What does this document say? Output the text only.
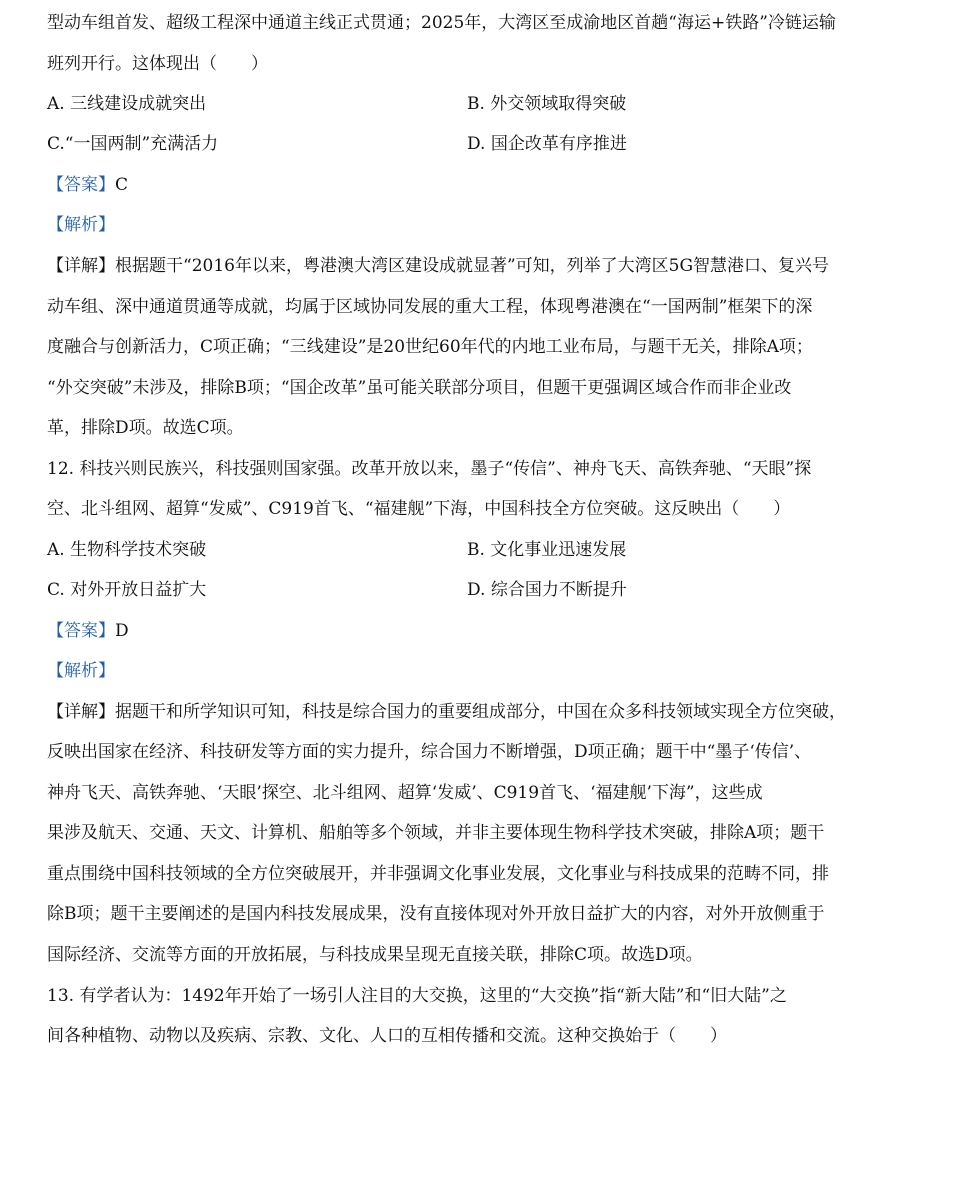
型动车组首发、超级工程深中通道主线正式贯通；2025年，大湾区至成渝地区首趟“海运+铁路”冷链运输
班列开行。这体现出（　　）
A. 三线建设成就突出	B. 外交领域取得突破
C.“一国两制”充满活力	D. 国企改革有序推进
【答案】C
【解析】
【详解】根据题干“2016年以来，粤港澳大湾区建设成就显著”可知，列举了大湾区5G智慧港口、复兴号
动车组、深中通道贯通等成就，均属于区域协同发展的重大工程，体现粤港澳在“一国两制”框架下的深
度融合与创新活力，C项正确；“三线建设”是20世纪60年代的内地工业布局，与题干无关，排除A项；
“外交突破”未涉及，排除B项；“国企改革”虽可能关联部分项目，但题干更强调区域合作而非企业改
革，排除D项。故选C项。
12. 科技兴则民族兴，科技强则国家强。改革开放以来，墨子“传信”、神舟飞天、高铁奔驰、“天眼”探
空、北斗组网、超算“发威”、C919首飞、“福建舰”下海，中国科技全方位突破。这反映出（　　）
A. 生物科学技术突破	B. 文化事业迅速发展
C. 对外开放日益扩大	D. 综合国力不断提升
【答案】D
【解析】
【详解】据题干和所学知识可知，科技是综合国力的重要组成部分，中国在众多科技领域实现全方位突破，
反映出国家在经济、科技研发等方面的实力提升，综合国力不断增强，D项正确；题干中“墨子‘传信’、
神舟飞天、高铁奔驰、‘天眼’探空、北斗组网、超算‘发威’、C919首飞、‘福建舰’下海”，这些成
果涉及航天、交通、天文、计算机、船舶等多个领域，并非主要体现生物科学技术突破，排除A项；题干
重点围绕中国科技领域的全方位突破展开，并非强调文化事业发展，文化事业与科技成果的范畴不同，排
除B项；题干主要阐述的是国内科技发展成果，没有直接体现对外开放日益扩大的内容，对外开放侧重于
国际经济、交流等方面的开放拓展，与科技成果呈现无直接关联，排除C项。故选D项。
13. 有学者认为：1492年开始了一场引人注目的大交换，这里的“大交换”指“新大陆”和“旧大陆”之
间各种植物、动物以及疾病、宗教、文化、人口的互相传播和交流。这种交换始于（　　）
